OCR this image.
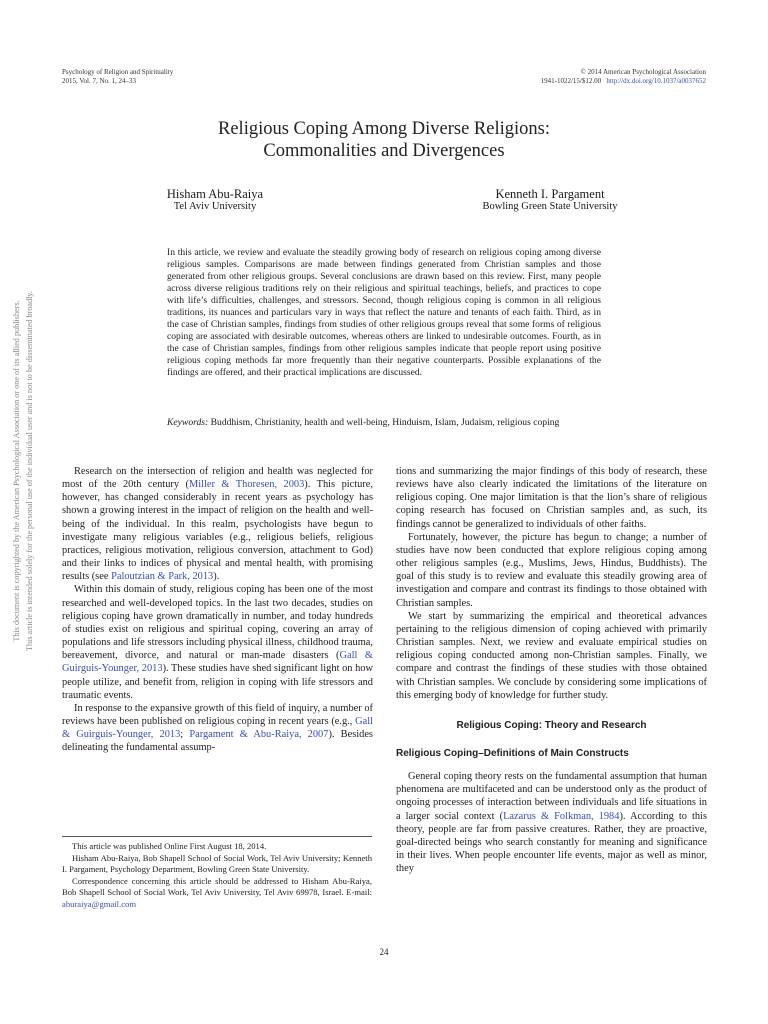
This document is copyrighted by the American Psychological Association or one of its allied publishers. This article is intended solely for the personal use of the individual user and is not to be disseminated broadly.
Psychology of Religion and Spirituality
2015, Vol. 7, No. 1, 24–33
© 2014 American Psychological Association
1941-1022/15/$12.00 http://dx.doi.org/10.1037/a0037652
Religious Coping Among Diverse Religions:
Commonalities and Divergences
Hisham Abu-Raiya
Tel Aviv University
Kenneth I. Pargament
Bowling Green State University
In this article, we review and evaluate the steadily growing body of research on religious coping among diverse religious samples. Comparisons are made between findings generated from Christian samples and those generated from other religious groups. Several conclusions are drawn based on this review. First, many people across diverse religious traditions rely on their religious and spiritual teachings, beliefs, and practices to cope with life’s difficulties, challenges, and stressors. Second, though religious coping is common in all religious traditions, its nuances and particulars vary in ways that reflect the nature and tenants of each faith. Third, as in the case of Christian samples, findings from studies of other religious groups reveal that some forms of religious coping are associated with desirable outcomes, whereas others are linked to undesirable outcomes. Fourth, as in the case of Christian samples, findings from other religious samples indicate that people report using positive religious coping methods far more frequently than their negative counterparts. Possible explanations of the findings are offered, and their practical implications are discussed.
Keywords: Buddhism, Christianity, health and well-being, Hinduism, Islam, Judaism, religious coping

Research on the intersection of religion and health was neglected for most of the 20th century (Miller & Thoresen, 2003). This picture, however, has changed considerably in recent years as psychology has shown a growing interest in the impact of religion on the health and well-being of the individual. In this realm, psychologists have begun to investigate many religious variables (e.g., religious beliefs, religious practices, religious motivation, religious conversion, attachment to God) and their links to indices of physical and mental health, with promising results (see Paloutzian & Park, 2013).

Within this domain of study, religious coping has been one of the most researched and well-developed topics. In the last two decades, studies on religious coping have grown dramatically in number, and today hundreds of studies exist on religious and spiritual coping, covering an array of populations and life stressors including physical illness, childhood trauma, bereavement, divorce, and natural or man-made disasters (Gall & Guirguis-Younger, 2013). These studies have shed significant light on how people utilize, and benefit from, religion in coping with life stressors and traumatic events.

In response to the expansive growth of this field of inquiry, a number of reviews have been published on religious coping in recent years (e.g., Gall & Guirguis-Younger, 2013; Pargament & Abu-Raiya, 2007). Besides delineating the fundamental assump-

This article was published Online First August 18, 2014.
Hisham Abu-Raiya, Bob Shapell School of Social Work, Tel Aviv University; Kenneth I. Pargament, Psychology Department, Bowling Green State University.
Correspondence concerning this article should be addressed to Hisham Abu-Raiya, Bob Shapell School of Social Work, Tel Aviv University, Tel Aviv 69978, Israel. E-mail: aburaiya@gmail.com

tions and summarizing the major findings of this body of research, these reviews have also clearly indicated the limitations of the literature on religious coping. One major limitation is that the lion’s share of religious coping research has focused on Christian samples and, as such, its findings cannot be generalized to individuals of other faiths.

Fortunately, however, the picture has begun to change; a number of studies have now been conducted that explore religious coping among other religious samples (e.g., Muslims, Jews, Hindus, Buddhists). The goal of this study is to review and evaluate this steadily growing area of investigation and compare and contrast its findings to those obtained with Christian samples.

We start by summarizing the empirical and theoretical advances pertaining to the religious dimension of coping achieved with primarily Christian samples. Next, we review and evaluate empirical studies on religious coping conducted among non-Christian samples. Finally, we compare and contrast the findings of these studies with those obtained with Christian samples. We conclude by considering some implications of this emerging body of knowledge for further study.

Religious Coping: Theory and Research
Religious Coping–Definitions of Main Constructs

General coping theory rests on the fundamental assumption that human phenomena are multifaceted and can be understood only as the product of ongoing processes of interaction between individuals and life situations in a larger social context (Lazarus & Folkman, 1984). According to this theory, people are far from passive creatures. Rather, they are proactive, goal-directed beings who search constantly for meaning and significance in their lives. When people encounter life events, major as well as minor, they

24
